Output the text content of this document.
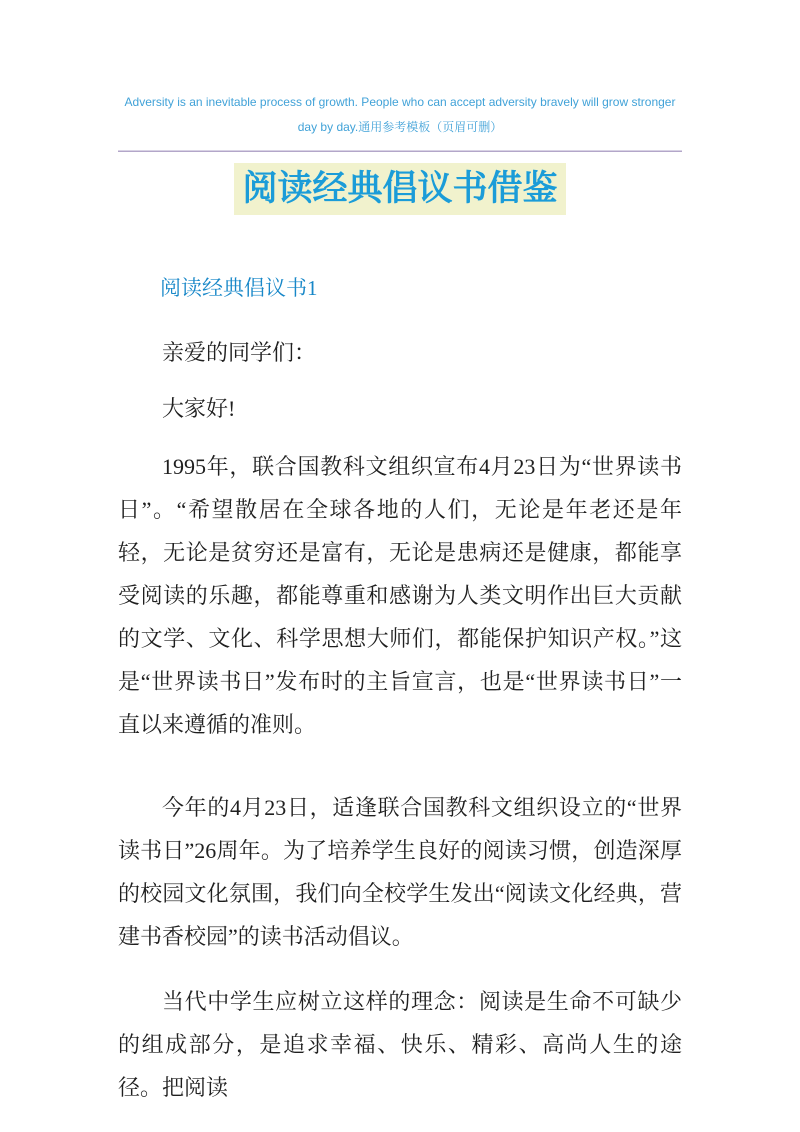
Adversity is an inevitable process of growth. People who can accept adversity bravely will grow stronger day by day.通用参考模板（页眉可删）
阅读经典倡议书借鉴
阅读经典倡议书1

亲爱的同学们：

大家好!

1995年，联合国教科文组织宣布4月23日为“世界读书日”。“希望散居在全球各地的人们，无论是年老还是年轻，无论是贫穷还是富有，无论是患病还是健康，都能享受阅读的乐趣，都能尊重和感谢为人类文明作出巨大贡献的文学、文化、科学思想大师们，都能保护知识产权。”这是“世界读书日”发布时的主旨宣言，也是“世界读书日”一直以来遵循的准则。

今年的4月23日，适逢联合国教科文组织设立的“世界读书日”26周年。为了培养学生良好的阅读习惯，创造深厚的校园文化氛围，我们向全校学生发出“阅读文化经典，营建书香校园”的读书活动倡议。

当代中学生应树立这样的理念：阅读是生命不可缺少的组成部分，是追求幸福、快乐、精彩、高尚人生的途径。把阅读
